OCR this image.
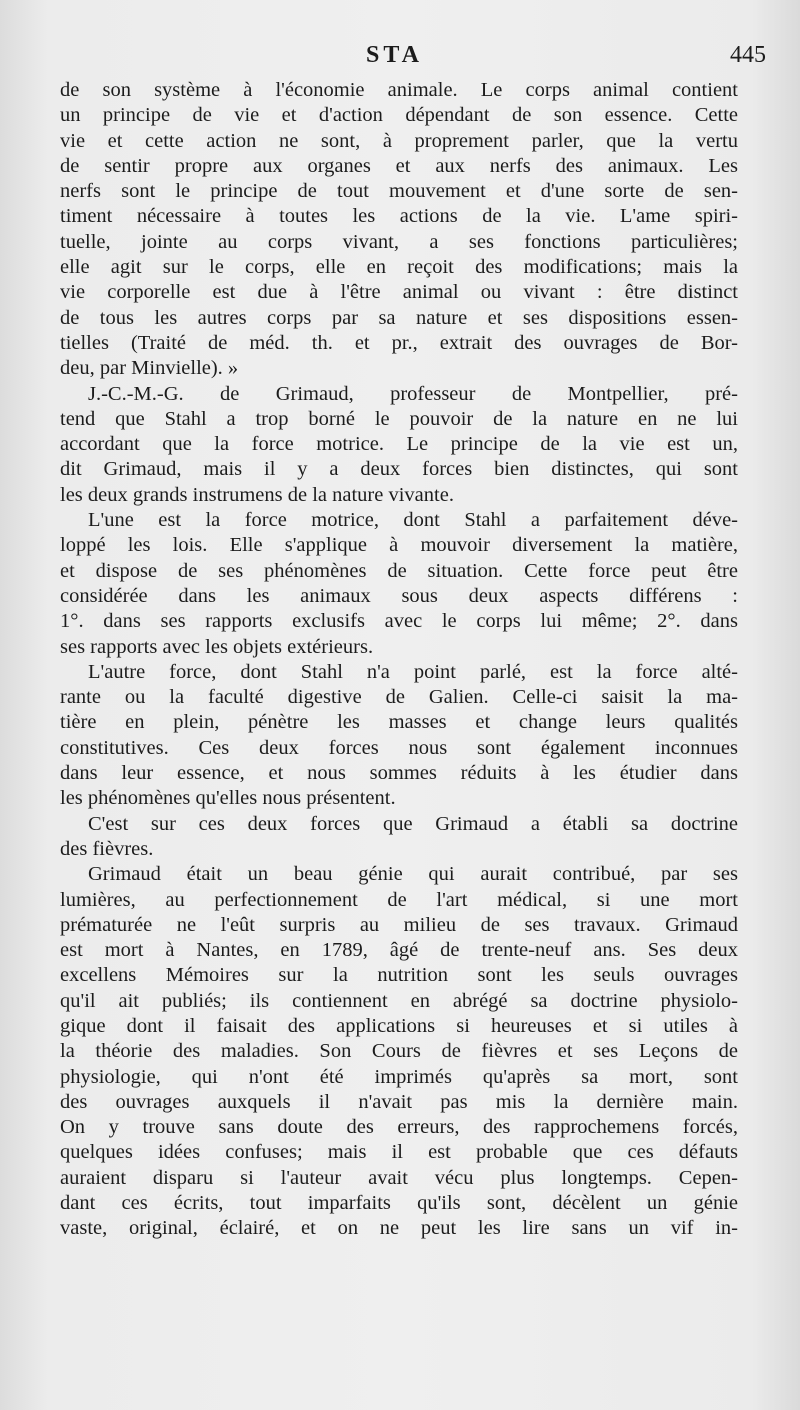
STA	445
de son système à l'économie animale. Le corps animal contient
un principe de vie et d'action dépendant de son essence. Cette
vie et cette action ne sont, à proprement parler, que la vertu
de sentir propre aux organes et aux nerfs des animaux. Les
nerfs sont le principe de tout mouvement et d'une sorte de sen-
timent nécessaire à toutes les actions de la vie. L'ame spiri-
tuelle, jointe au corps vivant, a ses fonctions particulières;
elle agit sur le corps, elle en reçoit des modifications; mais la
vie corporelle est due à l'être animal ou vivant : être distinct
de tous les autres corps par sa nature et ses dispositions essen-
tielles (Traité de méd. th. et pr., extrait des ouvrages de Bor-
deu, par Minvielle). »
J.-C.-M.-G. de Grimaud, professeur de Montpellier, pré-
tend que Stahl a trop borné le pouvoir de la nature en ne lui
accordant que la force motrice. Le principe de la vie est un,
dit Grimaud, mais il y a deux forces bien distinctes, qui sont
les deux grands instrumens de la nature vivante.
L'une est la force motrice, dont Stahl a parfaitement déve-
loppé les lois. Elle s'applique à mouvoir diversement la matière,
et dispose de ses phénomènes de situation. Cette force peut être
considérée dans les animaux sous deux aspects différens :
1°. dans ses rapports exclusifs avec le corps lui même; 2°. dans
ses rapports avec les objets extérieurs.
L'autre force, dont Stahl n'a point parlé, est la force alté-
rante ou la faculté digestive de Galien. Celle-ci saisit la ma-
tière en plein, pénètre les masses et change leurs qualités
constitutives. Ces deux forces nous sont également inconnues
dans leur essence, et nous sommes réduits à les étudier dans
les phénomènes qu'elles nous présentent.
C'est sur ces deux forces que Grimaud a établi sa doctrine
des fièvres.
Grimaud était un beau génie qui aurait contribué, par ses
lumières, au perfectionnement de l'art médical, si une mort
prématurée ne l'eût surpris au milieu de ses travaux. Grimaud
est mort à Nantes, en 1789, âgé de trente-neuf ans. Ses deux
excellens Mémoires sur la nutrition sont les seuls ouvrages
qu'il ait publiés; ils contiennent en abrégé sa doctrine physiolo-
gique dont il faisait des applications si heureuses et si utiles à
la théorie des maladies. Son Cours de fièvres et ses Leçons de
physiologie, qui n'ont été imprimés qu'après sa mort, sont
des ouvrages auxquels il n'avait pas mis la dernière main.
On y trouve sans doute des erreurs, des rapprochemens forcés,
quelques idées confuses; mais il est probable que ces défauts
auraient disparu si l'auteur avait vécu plus longtemps. Cepen-
dant ces écrits, tout imparfaits qu'ils sont, décèlent un génie
vaste, original, éclairé, et on ne peut les lire sans un vif in-
